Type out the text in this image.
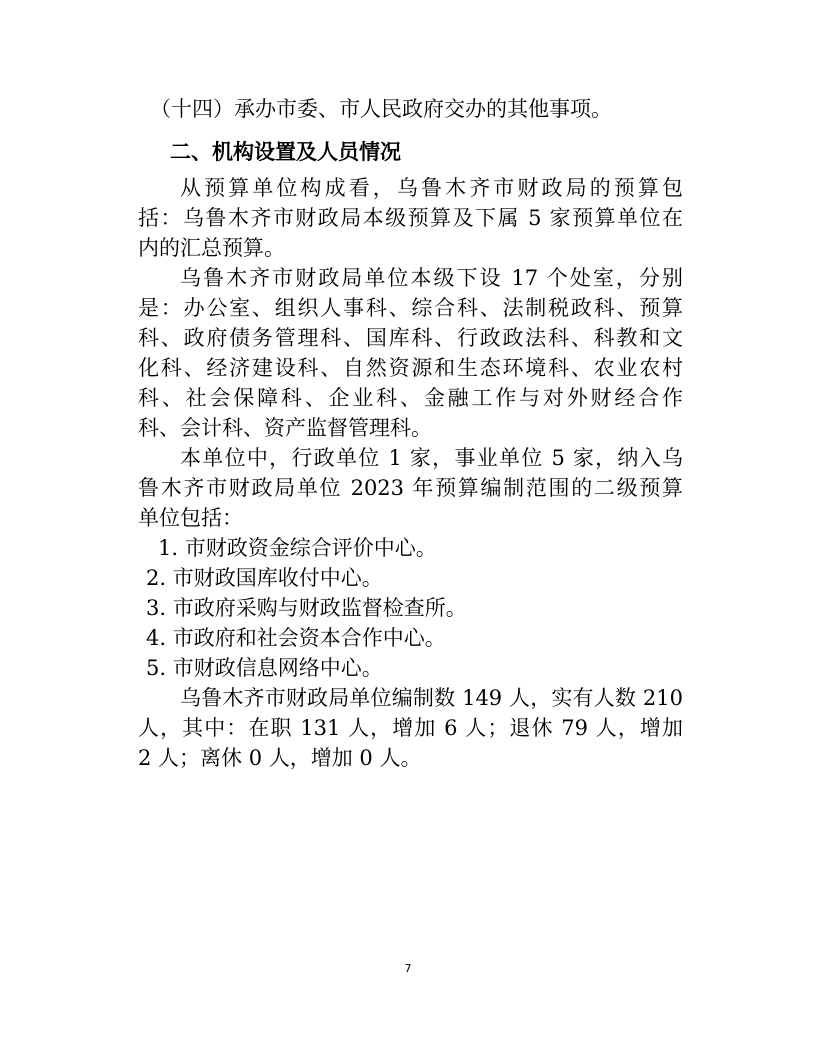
（十四）承办市委、市人民政府交办的其他事项。
二、机构设置及人员情况
从预算单位构成看，乌鲁木齐市财政局的预算包
括：乌鲁木齐市财政局本级预算及下属 5 家预算单位在
内的汇总预算。
乌鲁木齐市财政局单位本级下设 17 个处室，分别
是：办公室、组织人事科、综合科、法制税政科、预算
科、政府债务管理科、国库科、行政政法科、科教和文
化科、经济建设科、自然资源和生态环境科、农业农村
科、社会保障科、企业科、金融工作与对外财经合作
科、会计科、资产监督管理科。
本单位中，行政单位 1 家，事业单位 5 家，纳入乌
鲁木齐市财政局单位 2023 年预算编制范围的二级预算
单位包括：
1. 市财政资金综合评价中心。
2. 市财政国库收付中心。
3. 市政府采购与财政监督检查所。
4. 市政府和社会资本合作中心。
5. 市财政信息网络中心。
乌鲁木齐市财政局单位编制数 149 人，实有人数 210
人，其中：在职 131 人，增加 6 人；退休 79 人，增加
2 人；离休 0 人，增加 0 人。
7
